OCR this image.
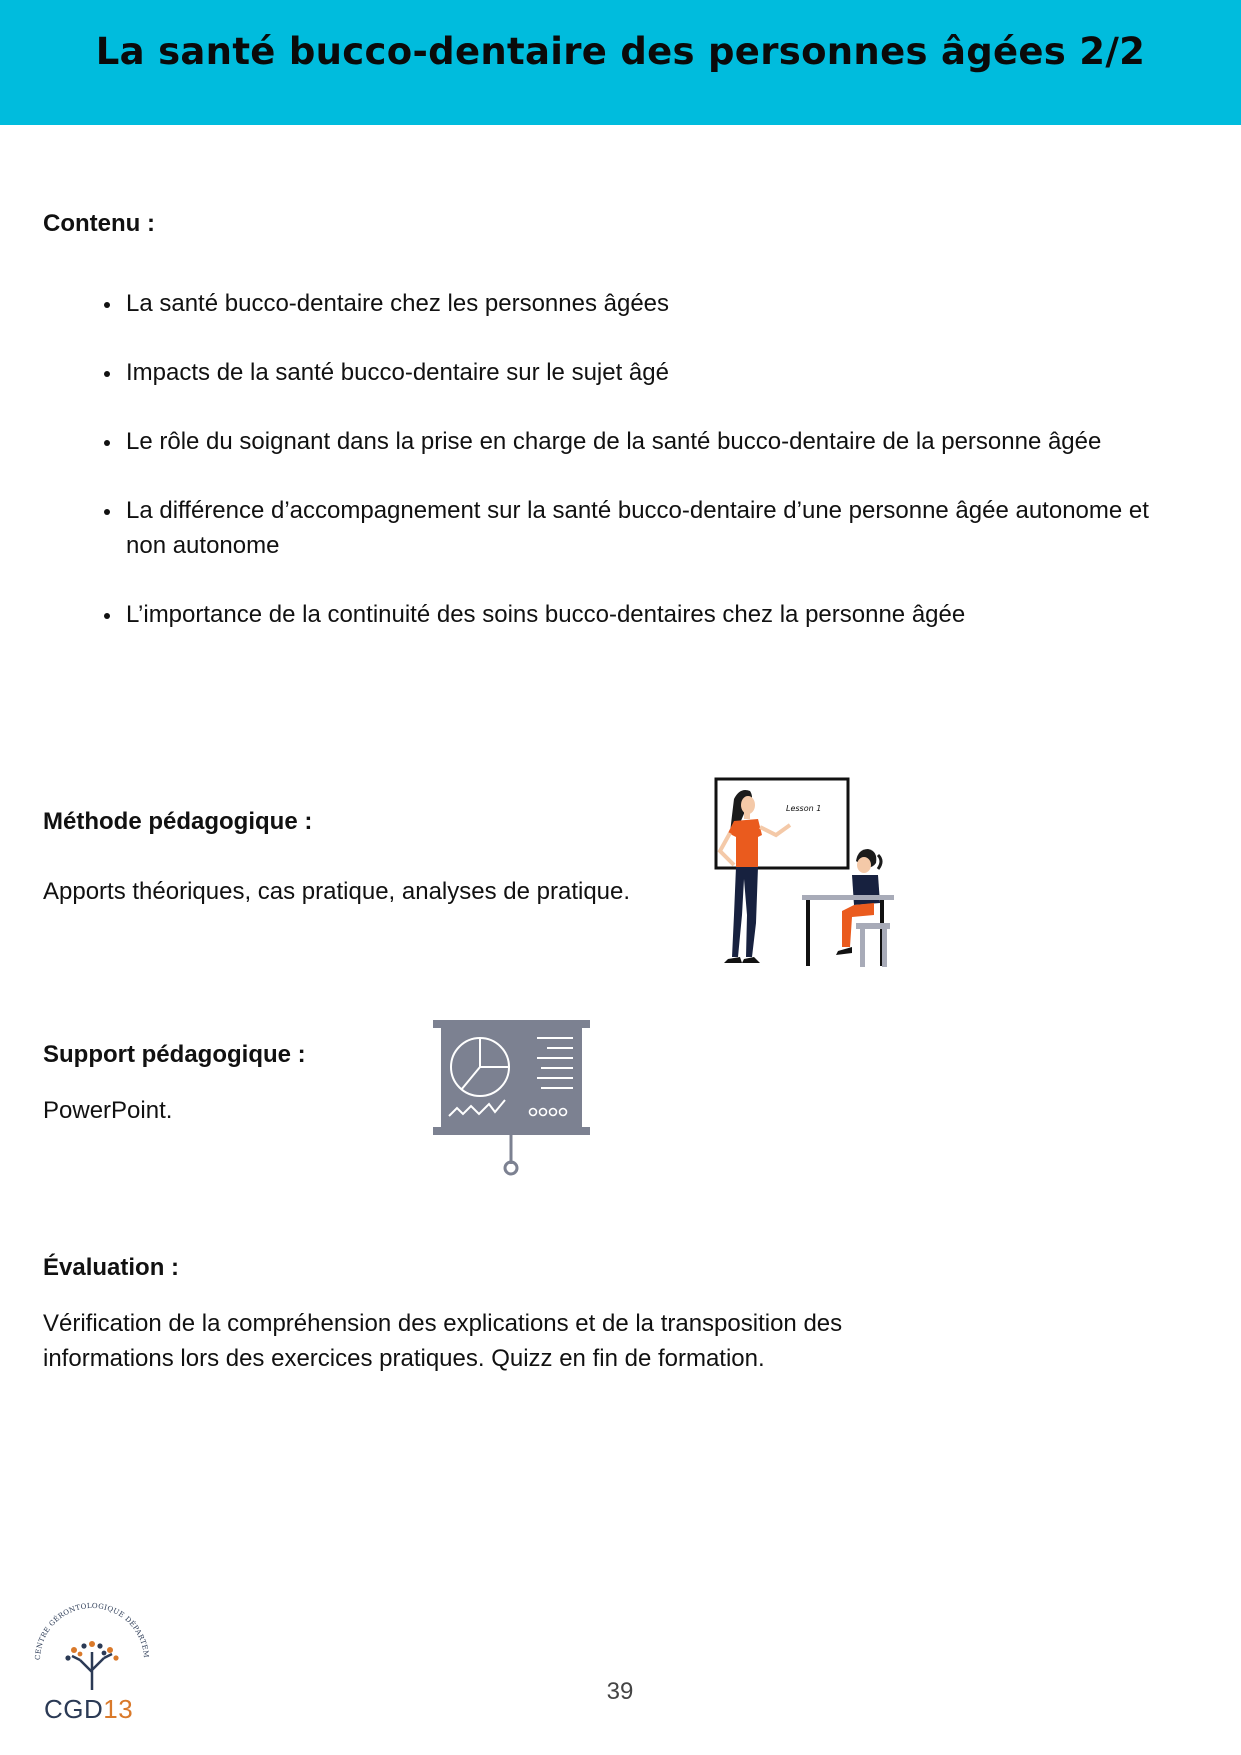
La santé bucco-dentaire des personnes âgées 2/2

Contenu :

La santé bucco-dentaire chez les personnes âgées
Impacts de la santé bucco-dentaire sur le sujet âgé
Le rôle du soignant dans la prise en charge de la santé bucco-dentaire de la personne âgée
La différence d’accompagnement sur la santé bucco-dentaire d’une personne âgée autonome et non autonome
L’importance de la continuité des soins bucco-dentaires chez la personne âgée

Méthode pédagogique :

Apports théoriques, cas pratique, analyses de pratique.

Lesson 1

Support pédagogique :

PowerPoint.

Évaluation :

Vérification de la compréhension des explications et de la transposition des

informations lors des exercices pratiques. Quizz en fin de formation.

CENTRE GÉRONTOLOGIQUE DÉPARTEM
CGD13
39
